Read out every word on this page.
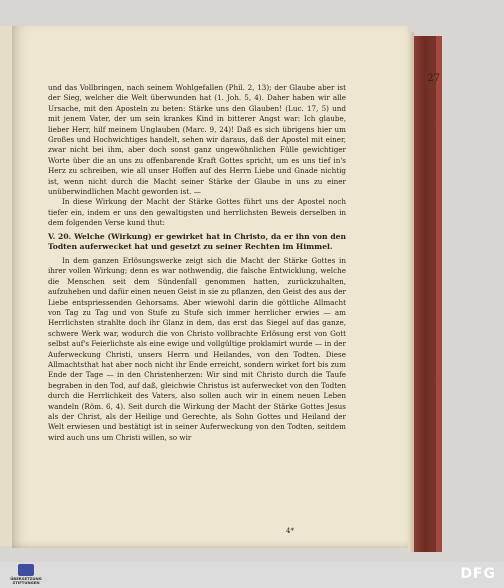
27

und das Vollbringen, nach seinem Wohlgefallen (Phil. 2, 13); der Glaube aber ist der Sieg, welcher die Welt überwunden hat (1. Joh. 5, 4). Daher haben wir alle Ursache, mit den Aposteln zu beten: Stärke uns den Glauben! (Luc. 17, 5) und mit jenem Vater, der um sein krankes Kind in bitterer Angst war: Ich glaube, lieber Herr, hilf meinem Unglauben (Marc. 9, 24)! Daß es sich übrigens hier um Großes und Hochwichtiges handelt, sehen wir daraus, daß der Apostel mit einer, zwar nicht bei ihm, aber doch sonst ganz ungewöhnlichen Fülle gewichtiger Worte über die an uns zu offenbarende Kraft Gottes spricht, um es uns tief in's Herz zu schreiben, wie all unser Hoffen auf des Herrn Liebe und Gnade nichtig ist, wenn nicht durch die Macht seiner Stärke der Glaube in uns zu einer unüberwindlichen Macht geworden ist. —

In diese Wirkung der Macht der Stärke Gottes führt uns der Apostel noch tiefer ein, indem er uns den gewaltigsten und herrlichsten Beweis derselben in dem folgenden Verse kund thut:

V. 20. Welche (Wirkung) er gewirket hat in Christo, da er ihn von den Todten auferwecket hat und gesetzt zu seiner Rechten im Himmel.

In dem ganzen Erlösungswerke zeigt sich die Macht der Stärke Gottes in ihrer vollen Wirkung; denn es war nothwendig, die falsche Entwicklung, welche die Menschen seit dem Sündenfall genommen hatten, zurückzuhalten, aufzuheben und dafür einen neuen Geist in sie zu pflanzen, den Geist des aus der Liebe entspriessenden Gehorsams. Aber wiewohl darin die göttliche Allmacht von Tag zu Tag und von Stufe zu Stufe sich immer herrlicher erwies — am Herrlichsten strahlte doch ihr Glanz in dem, das erst das Siegel auf das ganze, schwere Werk war, wodurch die von Christo vollbrachte Erlösung erst von Gott selbst auf's Feierlichste als eine ewige und vollgültige proklamirt wurde — in der Auferweckung Christi, unsers Herrn und Heilandes, von den Todten. Diese Allmachtsthat hat aber noch nicht ihr Ende erreicht, sondern wirket fort bis zum Ende der Tage — in den Christenherzen: Wir sind mit Christo durch die Taufe begraben in den Tod, auf daß, gleichwie Christus ist auferwecket von den Todten durch die Herrlichkeit des Vaters, also sollen auch wir in einem neuen Leben wandeln (Röm. 6, 4). Seit durch die Wirkung der Macht der Stärke Gottes Jesus als der Christ, als der Heilige und Gerechte, als Sohn Gottes und Heiland der Welt erwiesen und bestätigt ist in seiner Auferweckung von den Todten, seitdem wird auch uns um Christi willen, so wir

4*

ÜBERSETZUNG STIFTUNGEN

DFG
